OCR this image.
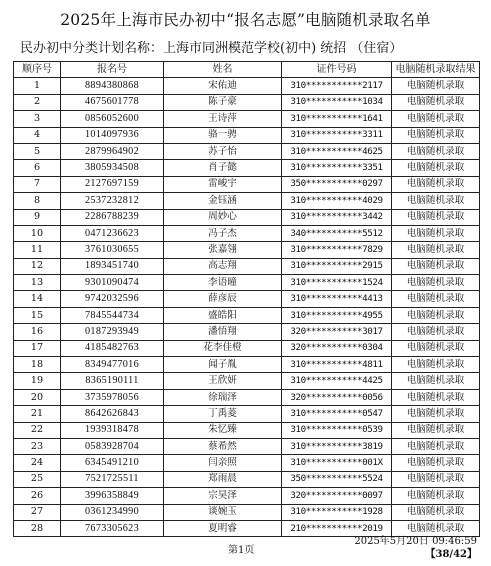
2025年上海市民办初中“报名志愿”电脑随机录取名单
民办初中分类计划名称：上海市同洲模范学校(初中) 统招 （住宿）
顺序号	报名号	姓名	证件号码	电脑随机录取结果
1	8894380868	宋佑迪	310***********2117	电脑随机录取
2	4675601778	陈子豪	310***********1034	电脑随机录取
3	0856052600	王诗萍	310***********1641	电脑随机录取
4	1014097936	骆一骋	310***********3311	电脑随机录取
5	2879964902	苏子怡	310***********4625	电脑随机录取
6	3805934508	肖子懿	310***********3351	电脑随机录取
7	2127697159	雷峻宇	350***********0297	电脑随机录取
8	2537232812	金钰涵	310***********4029	电脑随机录取
9	2286788239	周妙心	310***********3442	电脑随机录取
10	0471236623	冯子杰	340***********5512	电脑随机录取
11	3761030655	张嘉翎	310***********7829	电脑随机录取
12	1893451740	高志翔	310***********2915	电脑随机录取
13	9301090474	李语曈	310***********1524	电脑随机录取
14	9742032596	薛彦辰	310***********4413	电脑随机录取
15	7845544734	盛皓阳	310***********4955	电脑随机录取
16	0187293949	潘悟翔	320***********3017	电脑随机录取
17	4185482763	花李佳橙	320***********0304	电脑随机录取
18	8349477016	闻子胤	310***********4811	电脑随机录取
19	8365190111	王欣妍	310***********4425	电脑随机录取
20	3735978056	徐瑞泽	320***********0056	电脑随机录取
21	8642626843	丁禹菱	310***********0547	电脑随机录取
22	1939318478	朱忆臻	310***********0539	电脑随机录取
23	0583928704	蔡希然	310***********3819	电脑随机录取
24	6345491210	闫亲照	310***********001X	电脑随机录取
25	7521725511	郑雨晨	350***********5524	电脑随机录取
26	3996358849	宗昊泽	320***********0097	电脑随机录取
27	0361234990	谈婉玉	310***********1928	电脑随机录取
28	7673305623	夏明睿	210***********2019	电脑随机录取
第1页
2025年5月20日 09:46:59
【38/42】
